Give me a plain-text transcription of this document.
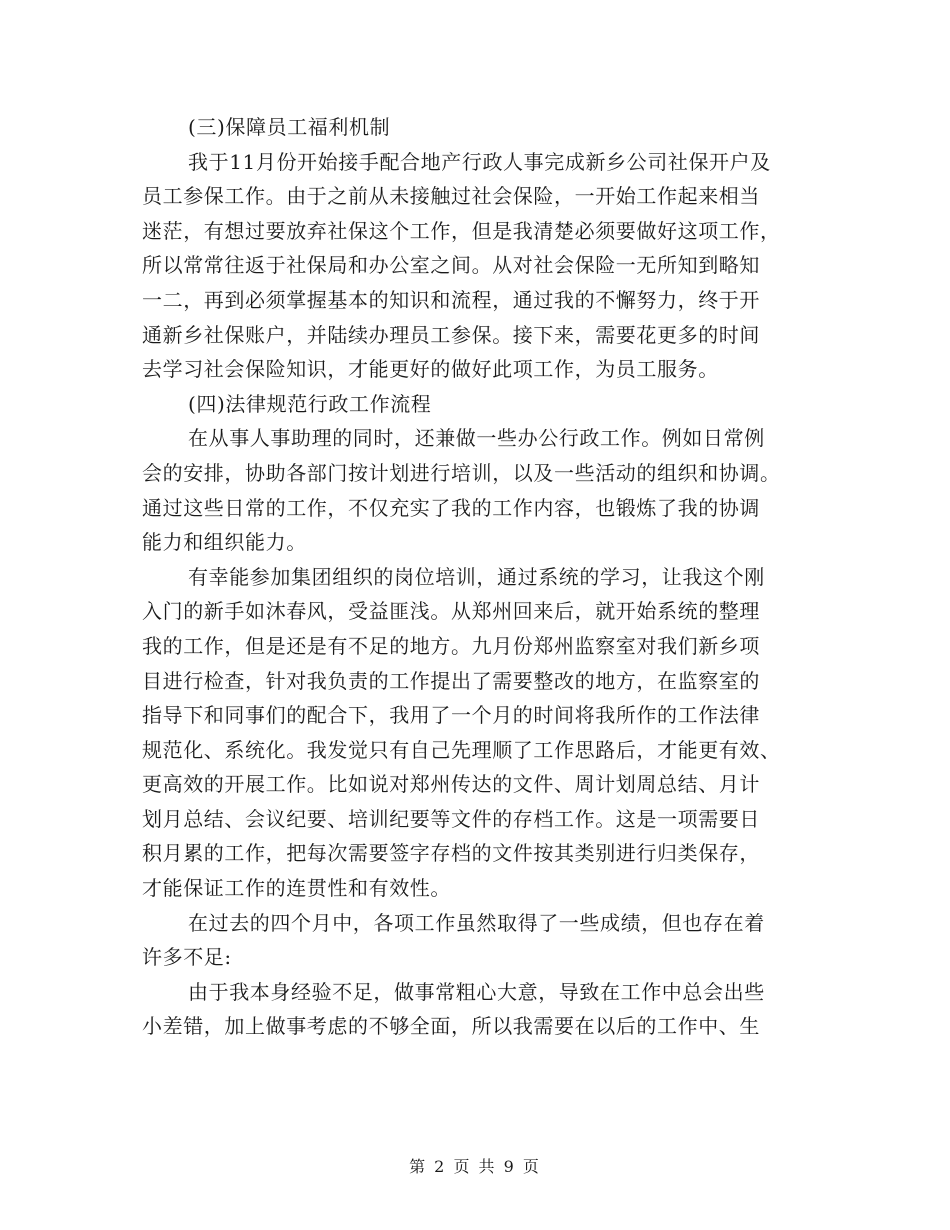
(三)保障员工福利机制
我于11月份开始接手配合地产行政人事完成新乡公司社保开户及
员工参保工作。由于之前从未接触过社会保险，一开始工作起来相当
迷茫，有想过要放弃社保这个工作，但是我清楚必须要做好这项工作，
所以常常往返于社保局和办公室之间。从对社会保险一无所知到略知
一二，再到必须掌握基本的知识和流程，通过我的不懈努力，终于开
通新乡社保账户，并陆续办理员工参保。接下来，需要花更多的时间
去学习社会保险知识，才能更好的做好此项工作，为员工服务。
(四)法律规范行政工作流程
在从事人事助理的同时，还兼做一些办公行政工作。例如日常例
会的安排，协助各部门按计划进行培训，以及一些活动的组织和协调。
通过这些日常的工作，不仅充实了我的工作内容，也锻炼了我的协调
能力和组织能力。
有幸能参加集团组织的岗位培训，通过系统的学习，让我这个刚
入门的新手如沐春风，受益匪浅。从郑州回来后，就开始系统的整理
我的工作，但是还是有不足的地方。九月份郑州监察室对我们新乡项
目进行检查，针对我负责的工作提出了需要整改的地方，在监察室的
指导下和同事们的配合下，我用了一个月的时间将我所作的工作法律
规范化、系统化。我发觉只有自己先理顺了工作思路后，才能更有效、
更高效的开展工作。比如说对郑州传达的文件、周计划周总结、月计
划月总结、会议纪要、培训纪要等文件的存档工作。这是一项需要日
积月累的工作，把每次需要签字存档的文件按其类别进行归类保存，
才能保证工作的连贯性和有效性。
在过去的四个月中，各项工作虽然取得了一些成绩，但也存在着
许多不足:
由于我本身经验不足，做事常粗心大意，导致在工作中总会出些
小差错，加上做事考虑的不够全面，所以我需要在以后的工作中、生
第 2 页 共 9 页
